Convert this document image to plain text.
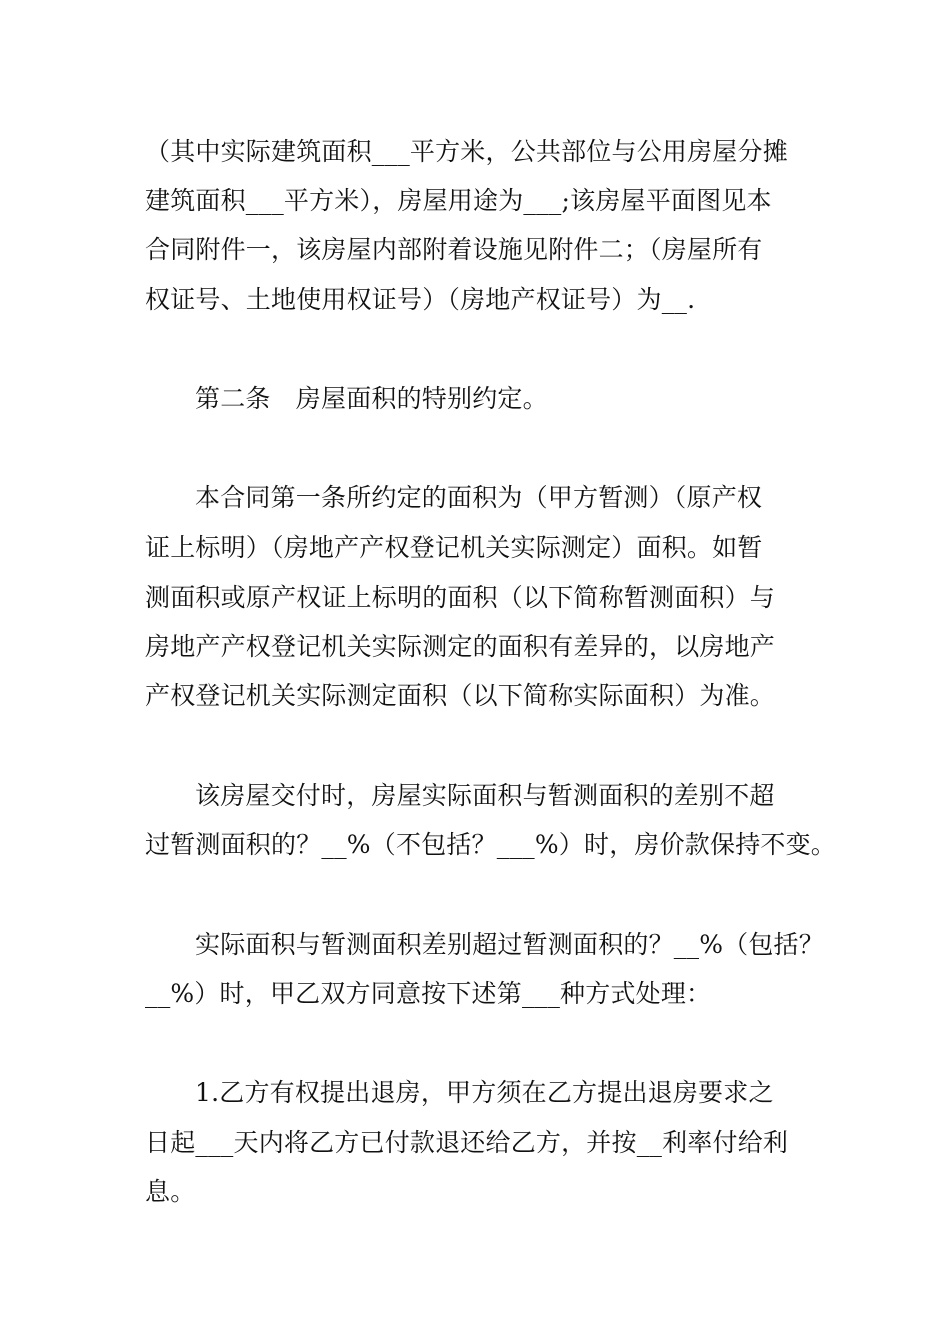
（其中实际建筑面积___平方米，公共部位与公用房屋分摊
建筑面积___平方米），房屋用途为___;该房屋平面图见本
合同附件一，该房屋内部附着设施见附件二；（房屋所有
权证号、土地使用权证号）（房地产权证号）为__.
第二条　房屋面积的特别约定。
本合同第一条所约定的面积为（甲方暂测）（原产权
证上标明）（房地产产权登记机关实际测定）面积。如暂
测面积或原产权证上标明的面积（以下简称暂测面积）与
房地产产权登记机关实际测定的面积有差异的，以房地产
产权登记机关实际测定面积（以下简称实际面积）为准。
该房屋交付时，房屋实际面积与暂测面积的差别不超
过暂测面积的？__%（不包括？___%）时，房价款保持不变。
实际面积与暂测面积差别超过暂测面积的？__%（包括？
__%）时，甲乙双方同意按下述第___种方式处理：
1.乙方有权提出退房，甲方须在乙方提出退房要求之
日起___天内将乙方已付款退还给乙方，并按__利率付给利
息。
